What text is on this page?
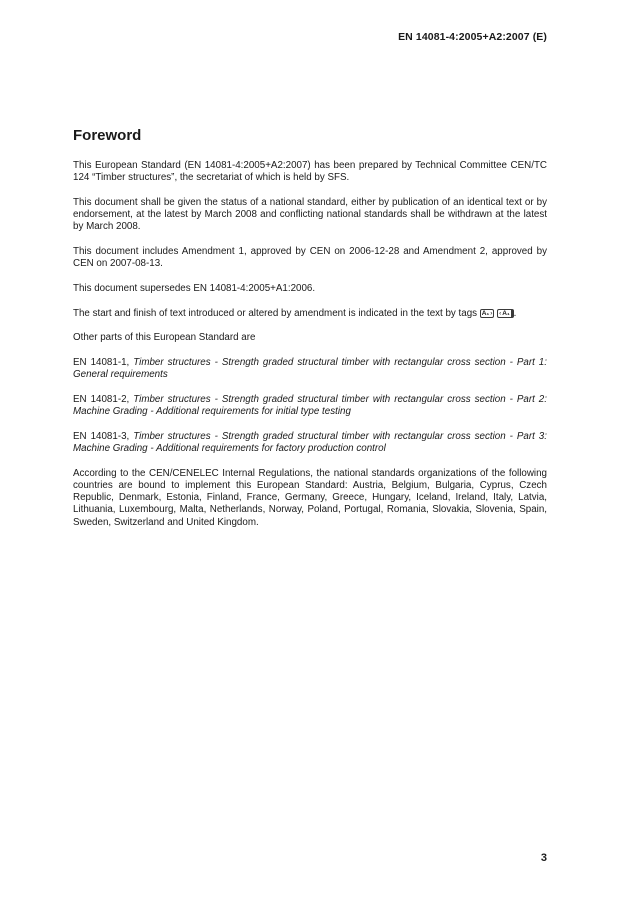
EN 14081-4:2005+A2:2007 (E)
Foreword

This European Standard (EN 14081-4:2005+A2:2007) has been prepared by Technical Committee CEN/TC 124 “Timber structures”, the secretariat of which is held by SFS.

This document shall be given the status of a national standard, either by publication of an identical text or by endorsement, at the latest by March 2008 and conflicting national standards shall be withdrawn at the latest by March 2008.

This document includes Amendment 1, approved by CEN on 2006-12-28 and Amendment 2, approved by CEN on 2007-08-13.

This document supersedes EN 14081-4:2005+A1:2006.

The start and finish of text introduced or altered by amendment is indicated in the text by tags A₁ › ‹ A₁ .

Other parts of this European Standard are

EN 14081-1, Timber structures - Strength graded structural timber with rectangular cross section - Part 1: General requirements

EN 14081-2, Timber structures - Strength graded structural timber with rectangular cross section - Part 2: Machine Grading - Additional requirements for initial type testing

EN 14081-3, Timber structures - Strength graded structural timber with rectangular cross section - Part 3: Machine Grading - Additional requirements for factory production control

According to the CEN/CENELEC Internal Regulations, the national standards organizations of the following countries are bound to implement this European Standard: Austria, Belgium, Bulgaria, Cyprus, Czech Republic, Denmark, Estonia, Finland, France, Germany, Greece, Hungary, Iceland, Ireland, Italy, Latvia, Lithuania, Luxembourg, Malta, Netherlands, Norway, Poland, Portugal, Romania, Slovakia, Slovenia, Spain, Sweden, Switzerland and United Kingdom.

3
